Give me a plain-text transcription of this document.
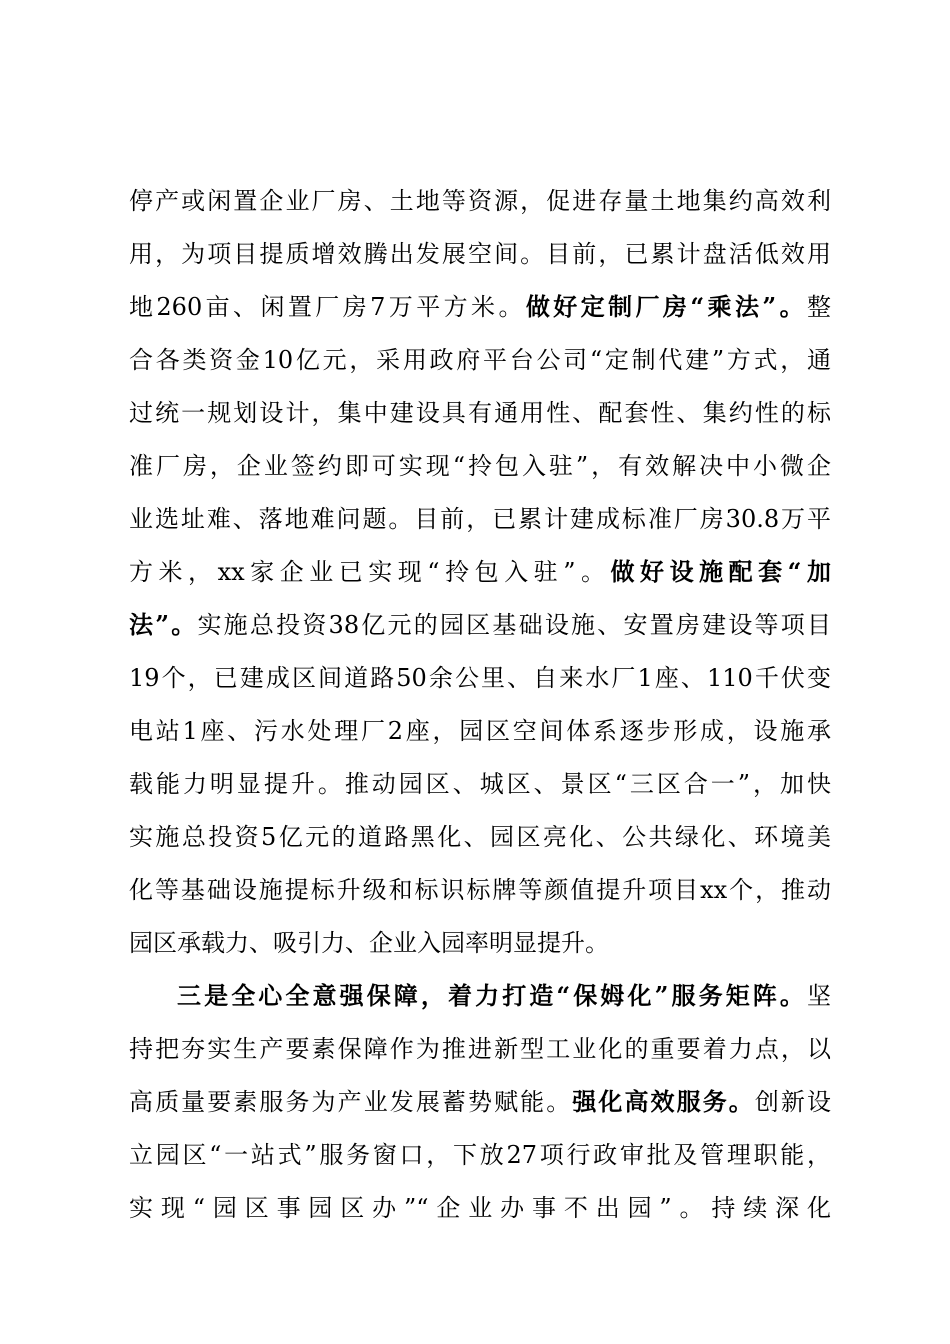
停产或闲置企业厂房、土地等资源，促进存量土地集约高效利
用，为项目提质增效腾出发展空间。目前，已累计盘活低效用
地260亩、闲置厂房7万平方米。做好定制厂房“乘法”。整
合各类资金10亿元，采用政府平台公司“定制代建”方式，通
过统一规划设计，集中建设具有通用性、配套性、集约性的标
准厂房，企业签约即可实现“拎包入驻”，有效解决中小微企
业选址难、落地难问题。目前，已累计建成标准厂房30.8万平
方米，xx家企业已实现“拎包入驻”。做好设施配套“加
法”。实施总投资38亿元的园区基础设施、安置房建设等项目
19个，已建成区间道路50余公里、自来水厂1座、110千伏变
电站1座、污水处理厂2座，园区空间体系逐步形成，设施承
载能力明显提升。推动园区、城区、景区“三区合一”，加快
实施总投资5亿元的道路黑化、园区亮化、公共绿化、环境美
化等基础设施提标升级和标识标牌等颜值提升项目xx个，推动
园区承载力、吸引力、企业入园率明显提升。
三是全心全意强保障，着力打造“保姆化”服务矩阵。坚
持把夯实生产要素保障作为推进新型工业化的重要着力点，以
高质量要素服务为产业发展蓄势赋能。强化高效服务。创新设
立园区“一站式”服务窗口，下放27项行政审批及管理职能，
实现“园区事园区办”“企业办事不出园”。持续深化
